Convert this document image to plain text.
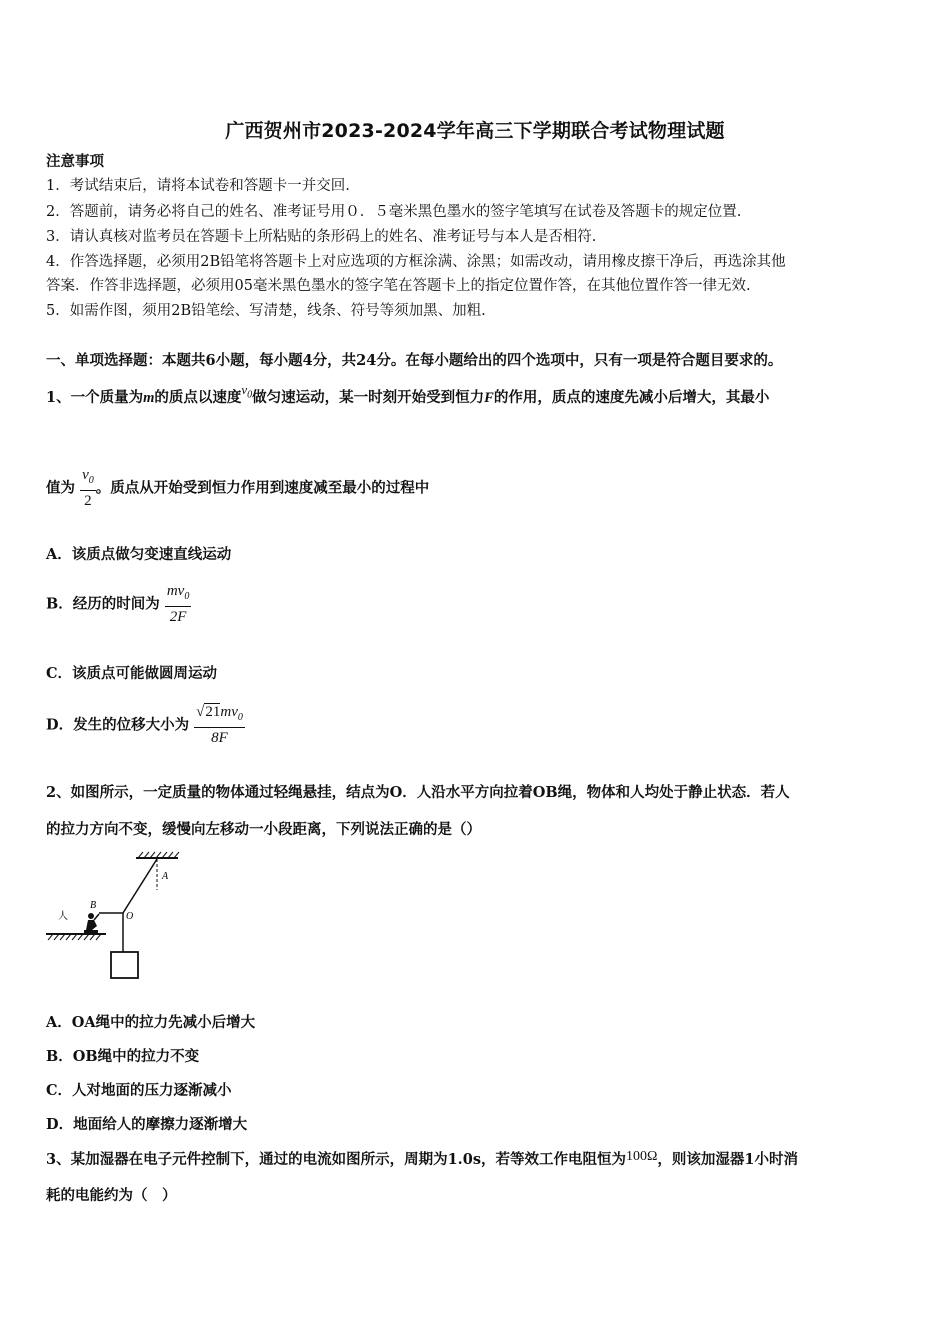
广西贺州市2023-2024学年高三下学期联合考试物理试题
注意事项
1．考试结束后，请将本试卷和答题卡一并交回.
2．答题前，请务必将自己的姓名、准考证号用０．５毫米黑色墨水的签字笔填写在试卷及答题卡的规定位置.
3．请认真核对监考员在答题卡上所粘贴的条形码上的姓名、准考证号与本人是否相符.
4．作答选择题，必须用2B铅笔将答题卡上对应选项的方框涂满、涂黑；如需改动，请用橡皮擦干净后，再选涂其他
答案．作答非选择题，必须用05毫米黑色墨水的签字笔在答题卡上的指定位置作答，在其他位置作答一律无效.
5．如需作图，须用2B铅笔绘、写清楚，线条、符号等须加黑、加粗.
一、单项选择题：本题共6小题，每小题4分，共24分。在每小题给出的四个选项中，只有一项是符合题目要求的。
1、一个质量为m的质点以速度$v_0$做匀速运动，某一时刻开始受到恒力F的作用，质点的速度先减小后增大，其最小
值为 $\frac{v_0}{2}$ 。质点从开始受到恒力作用到速度减至最小的过程中
A．该质点做匀变速直线运动
B．经历的时间为 $\frac{mv_0}{2F}$
C．该质点可能做圆周运动
D．发生的位移大小为 $\frac{√21mv_0}{8F}$
2、如图所示，一定质量的物体通过轻绳悬挂，结点为O．人沿水平方向拉着OB绳，物体和人均处于静止状态．若人
的拉力方向不变，缓慢向左移动一小段距离，下列说法正确的是（）
A
O
B
人
A．OA绳中的拉力先减小后增大
B．OB绳中的拉力不变
C．人对地面的压力逐渐减小
D．地面给人的摩擦力逐渐增大
3、某加湿器在电子元件控制下，通过的电流如图所示，周期为1.0s，若等效工作电阻恒为100Ω，则该加湿器1小时消
耗的电能约为（　）
